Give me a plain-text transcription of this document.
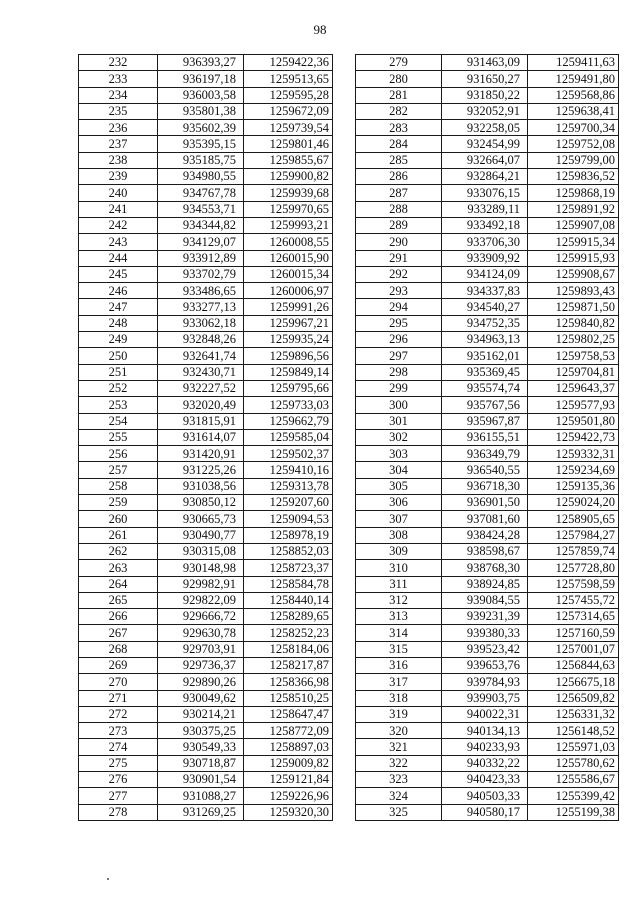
98
232	936393,27	1259422,36
233	936197,18	1259513,65
234	936003,58	1259595,28
235	935801,38	1259672,09
236	935602,39	1259739,54
237	935395,15	1259801,46
238	935185,75	1259855,67
239	934980,55	1259900,82
240	934767,78	1259939,68
241	934553,71	1259970,65
242	934344,82	1259993,21
243	934129,07	1260008,55
244	933912,89	1260015,90
245	933702,79	1260015,34
246	933486,65	1260006,97
247	933277,13	1259991,26
248	933062,18	1259967,21
249	932848,26	1259935,24
250	932641,74	1259896,56
251	932430,71	1259849,14
252	932227,52	1259795,66
253	932020,49	1259733,03
254	931815,91	1259662,79
255	931614,07	1259585,04
256	931420,91	1259502,37
257	931225,26	1259410,16
258	931038,56	1259313,78
259	930850,12	1259207,60
260	930665,73	1259094,53
261	930490,77	1258978,19
262	930315,08	1258852,03
263	930148,98	1258723,37
264	929982,91	1258584,78
265	929822,09	1258440,14
266	929666,72	1258289,65
267	929630,78	1258252,23
268	929703,91	1258184,06
269	929736,37	1258217,87
270	929890,26	1258366,98
271	930049,62	1258510,25
272	930214,21	1258647,47
273	930375,25	1258772,09
274	930549,33	1258897,03
275	930718,87	1259009,82
276	930901,54	1259121,84
277	931088,27	1259226,96
278	931269,25	1259320,30
279	931463,09	1259411,63
280	931650,27	1259491,80
281	931850,22	1259568,86
282	932052,91	1259638,41
283	932258,05	1259700,34
284	932454,99	1259752,08
285	932664,07	1259799,00
286	932864,21	1259836,52
287	933076,15	1259868,19
288	933289,11	1259891,92
289	933492,18	1259907,08
290	933706,30	1259915,34
291	933909,92	1259915,93
292	934124,09	1259908,67
293	934337,83	1259893,43
294	934540,27	1259871,50
295	934752,35	1259840,82
296	934963,13	1259802,25
297	935162,01	1259758,53
298	935369,45	1259704,81
299	935574,74	1259643,37
300	935767,56	1259577,93
301	935967,87	1259501,80
302	936155,51	1259422,73
303	936349,79	1259332,31
304	936540,55	1259234,69
305	936718,30	1259135,36
306	936901,50	1259024,20
307	937081,60	1258905,65
308	938424,28	1257984,27
309	938598,67	1257859,74
310	938768,30	1257728,80
311	938924,85	1257598,59
312	939084,55	1257455,72
313	939231,39	1257314,65
314	939380,33	1257160,59
315	939523,42	1257001,07
316	939653,76	1256844,63
317	939784,93	1256675,18
318	939903,75	1256509,82
319	940022,31	1256331,32
320	940134,13	1256148,52
321	940233,93	1255971,03
322	940332,22	1255780,62
323	940423,33	1255586,67
324	940503,33	1255399,42
325	940580,17	1255199,38
